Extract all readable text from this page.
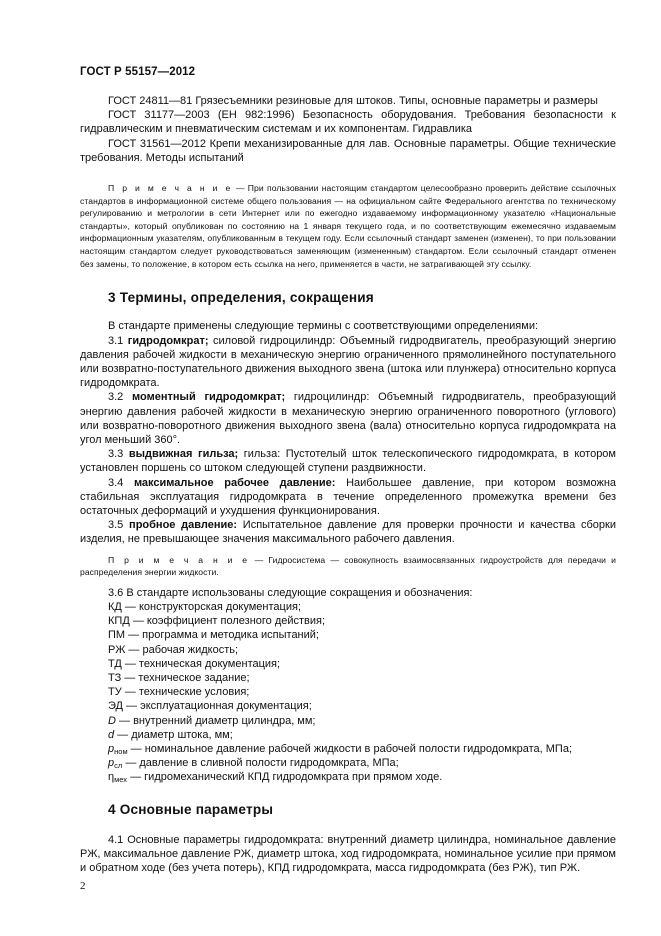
ГОСТ Р 55157—2012

ГОСТ 24811—81 Грязесъемники резиновые для штоков. Типы, основные параметры и размеры

ГОСТ 31177—2003 (ЕН 982:1996) Безопасность оборудования. Требования безопасности к гидравлическим и пневматическим системам и их компонентам. Гидравлика

ГОСТ 31561—2012 Крепи механизированные для лав. Основные параметры. Общие технические требования. Методы испытаний

П р и м е ч а н и е — При пользовании настоящим стандартом целесообразно проверить действие ссылочных стандартов в информационной системе общего пользования — на официальном сайте Федерального агентства по техническому регулированию и метрологии в сети Интернет или по ежегодно издаваемому информационному указателю «Национальные стандарты», который опубликован по состоянию на 1 января текущего года, и по соответствующим ежемесячно издаваемым информационным указателям, опубликованным в текущем году. Если ссылочный стандарт заменен (изменен), то при пользовании настоящим стандартом следует руководствоваться заменяющим (измененным) стандартом. Если ссылочный стандарт отменен без замены, то положение, в котором есть ссылка на него, применяется в части, не затрагивающей эту ссылку.

3 Термины, определения, сокращения

В стандарте применены следующие термины с соответствующими определениями:

3.1 гидродомкрат; силовой гидроцилиндр: Объемный гидродвигатель, преобразующий энергию давления рабочей жидкости в механическую энергию ограниченного прямолинейного поступательного или возвратно-поступательного движения выходного звена (штока или плунжера) относительно корпуса гидродомкрата.

3.2 моментный гидродомкрат; гидроцилиндр: Объемный гидродвигатель, преобразующий энергию давления рабочей жидкости в механическую энергию ограниченного поворотного (углового) или возвратно-поворотного движения выходного звена (вала) относительно корпуса гидродомкрата на угол меньший 360°.

3.3 выдвижная гильза; гильза: Пустотелый шток телескопического гидродомкрата, в котором установлен поршень со штоком следующей ступени раздвижности.

3.4 максимальное рабочее давление: Наибольшее давление, при котором возможна стабильная эксплуатация гидродомкрата в течение определенного промежутка времени без остаточных деформаций и ухудшения функционирования.

3.5 пробное давление: Испытательное давление для проверки прочности и качества сборки изделия, не превышающее значения максимального рабочего давления.

П р и м е ч а н и е — Гидросистема — совокупность взаимосвязанных гидроустройств для передачи и распределения энергии жидкости.

3.6 В стандарте использованы следующие сокращения и обозначения:

КД — конструкторская документация;

КПД — коэффициент полезного действия;

ПМ — программа и методика испытаний;

РЖ — рабочая жидкость;

ТД — техническая документация;

ТЗ — техническое задание;

ТУ — технические условия;

ЭД — эксплуатационная документация;

D — внутренний диаметр цилиндра, мм;

d — диаметр штока, мм;

$p_{ном}$ — номинальное давление рабочей жидкости в рабочей полости гидродомкрата, МПа;

$p_{сл}$ — давление в сливной полости гидродомкрата, МПа;

$\eta_{мех}$ — гидромеханический КПД гидродомкрата при прямом ходе.

4 Основные параметры

4.1 Основные параметры гидродомкрата: внутренний диаметр цилиндра, номинальное давление РЖ, максимальное давление РЖ, диаметр штока, ход гидродомкрата, номинальное усилие при прямом и обратном ходе (без учета потерь), КПД гидродомкрата, масса гидродомкрата (без РЖ), тип РЖ.

2
